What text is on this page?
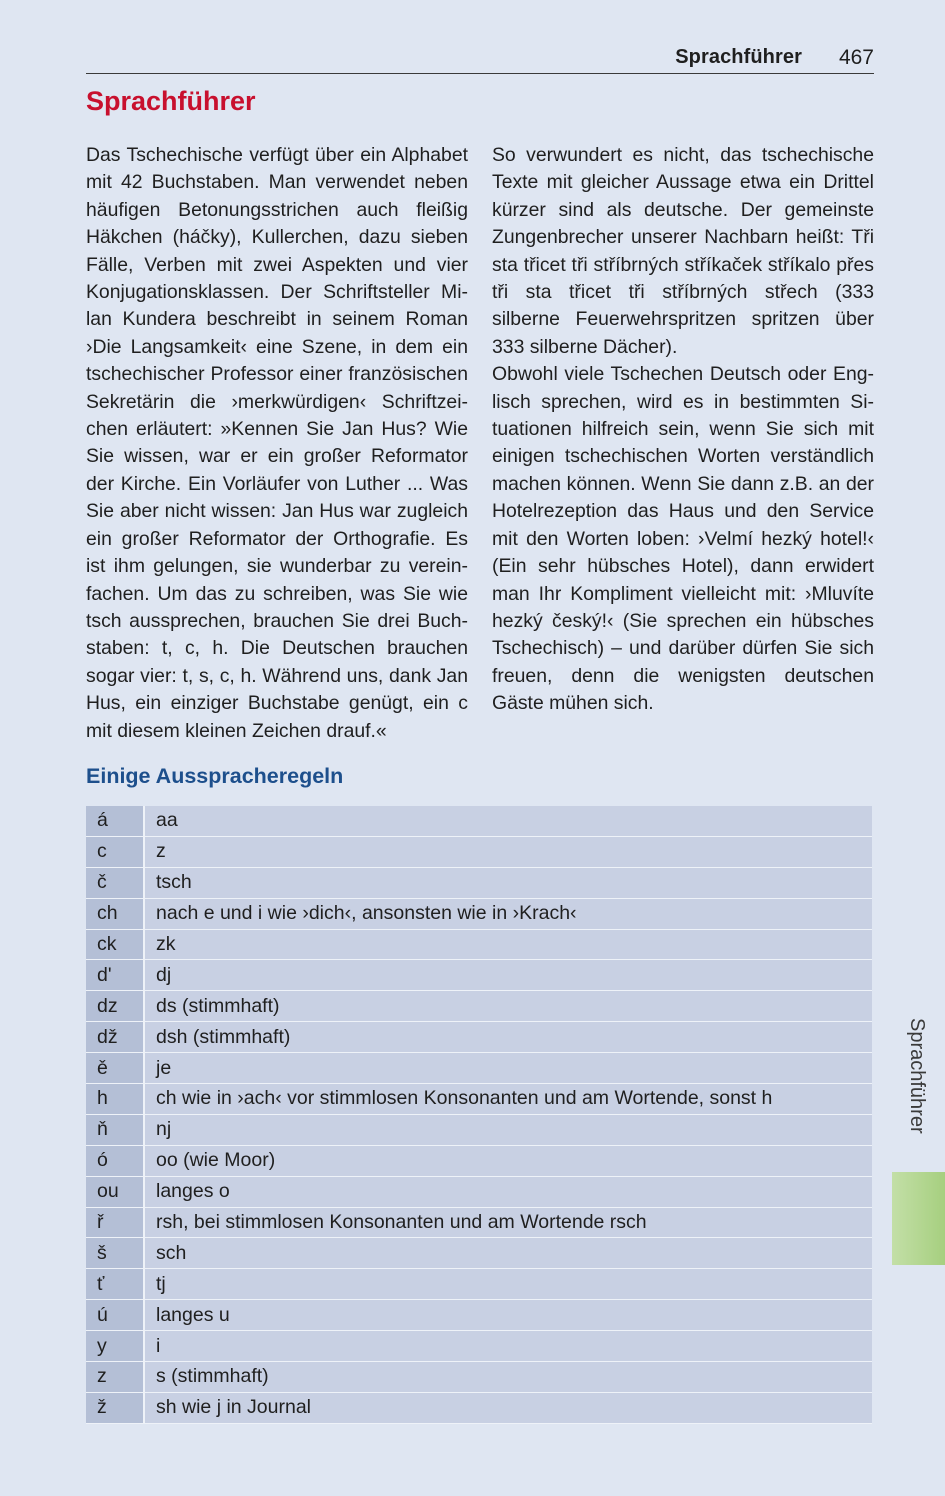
Sprachführer 467
Sprachführer

Das Tschechische verfügt über ein Alphabet mit 42 Buchstaben. Man verwendet neben häufigen Betonungsstrichen auch fleißig Häkchen (háčky), Kullerchen, dazu sieben Fälle, Verben mit zwei Aspekten und vier Konjugationsklassen. Der Schriftsteller Milan Kundera beschreibt in seinem Roman ›Die Langsamkeit‹ eine Szene, in dem ein tschechischer Professor einer französischen Sekretärin die ›merkwürdigen‹ Schriftzeichen erläutert: »Kennen Sie Jan Hus? Wie Sie wissen, war er ein großer Reformator der Kirche. Ein Vorläufer von Luther ... Was Sie aber nicht wissen: Jan Hus war zugleich ein großer Reformator der Orthografie. Es ist ihm gelungen, sie wunderbar zu vereinfachen. Um das zu schreiben, was Sie wie tsch aussprechen, brauchen Sie drei Buchstaben: t, c, h. Die Deutschen brauchen sogar vier: t, s, c, h. Während uns, dank Jan Hus, ein einziger Buchstabe genügt, ein c mit diesem kleinen Zeichen drauf.«

So verwundert es nicht, das tschechische Texte mit gleicher Aussage etwa ein Drittel kürzer sind als deutsche. Der gemeinste Zungenbrecher unserer Nachbarn heißt: Tři sta třicet tři stříbrných stříkaček stříkalo přes tři sta třicet tři stříbrných střech (333 silberne Feuerwehrspritzen spritzen über 333 silberne Dächer).

Obwohl viele Tschechen Deutsch oder Englisch sprechen, wird es in bestimmten Situationen hilfreich sein, wenn Sie sich mit einigen tschechischen Worten verständlich machen können. Wenn Sie dann z.B. an der Hotelrezeption das Haus und den Service mit den Worten loben: ›Velmí hezký hotel!‹ (Ein sehr hübsches Hotel), dann erwidert man Ihr Kompliment vielleicht mit: ›Mluvíte hezký český!‹ (Sie sprechen ein hübsches Tschechisch) – und darüber dürfen Sie sich freuen, denn die wenigsten deutschen Gäste mühen sich.

Einige Ausspracheregeln
á	aa
c	z
č	tsch
ch	nach e und i wie ›dich‹, ansonsten wie in ›Krach‹
ck	zk
d'	dj
dz	ds (stimmhaft)
dž	dsh (stimmhaft)
ě	je
h	ch wie in ›ach‹ vor stimmlosen Konsonanten und am Wortende, sonst h
ň	nj
ó	oo (wie Moor)
ou	langes o
ř	rsh, bei stimmlosen Konsonanten und am Wortende rsch
š	sch
ť	tj
ú	langes u
y	i
z	s (stimmhaft)
ž	sh wie j in Journal
Sprachführer
